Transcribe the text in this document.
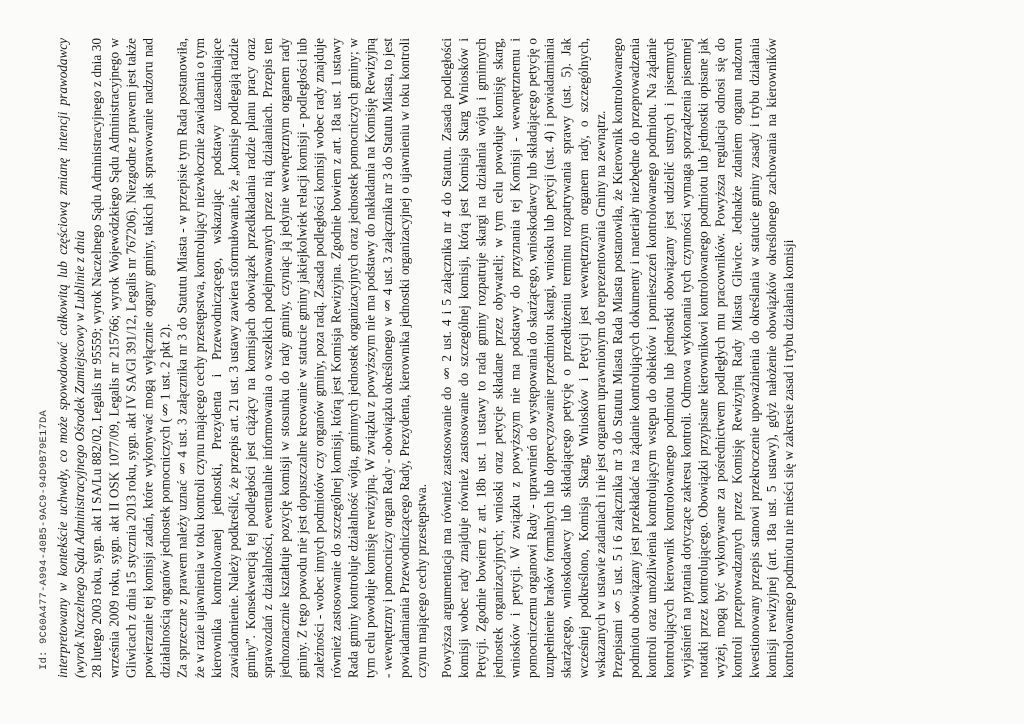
interpretowany w kontekście uchwały, co może spowodować całkowitą lub częściową zmianę intencji prawodawcy (wyrok Naczelnego Sądu Administracyjnego Ośrodek Zamiejscowy w Lublinie z dnia 28 lutego 2003 roku, sygn. akt I SA/Lu 882/02, Legalis nr 95559; wyrok Naczelnego Sądu Administracyjnego z dnia 30 września 2009 roku, sygn. akt II OSK 1077/09, Legalis nr 215766; wyrok Wojewódzkiego Sądu Administracyjnego w Gliwicach z dnia 15 stycznia 2013 roku, sygn. akt IV SA/Gl 391/12, Legalis nr 767206). Niezgodne z prawem jest także powierzanie tej komisji zadań, które wykonywać mogą wyłącznie organy gminy, takich jak sprawowanie nadzoru nad działalnością organów jednostek pomocniczych (§ 1 ust. 2 pkt 2). Za sprzeczne z prawem należy uznać § 4 ust. 3 załącznika nr 3 do Statutu Miasta - w przepisie tym Rada postanowiła, że w razie ujawnienia w toku kontroli czynu mającego cechy przestępstwa, kontrolujący niezwłocznie zawiadamia o tym kierownika kontrolowanej jednostki, Prezydenta i Przewodniczącego, wskazując podstawy uzasadniające zawiadomienie. Należy podkreślić, że przepis art. 21 ust. 3 ustawy zawiera sformułowanie, że „komisje podlegają radzie gminy”. Konsekwencją tej podległości jest ciążący na komisjach obowiązek przedkładania radzie planu pracy oraz sprawozdań z działalności, ewentualnie informowania o wszelkich podejmowanych przez nią działaniach. Przepis ten jednoznacznie kształtuje pozycję komisji w stosunku do rady gminy, czyniąc ją jedynie wewnętrznym organem rady gminy. Z tego powodu nie jest dopuszczalne kreowanie w statucie gminy jakiejkolwiek relacji komisji - podległości lub zależności - wobec innych podmiotów czy organów gminy, poza radą. Zasada podległości komisji wobec rady znajduje również zastosowanie do szczególnej komisji, którą jest Komisja Rewizyjna. Zgodnie bowiem z art. 18a ust. 1 ustawy Rada gminy kontroluje działalność wójta, gminnych jednostek organizacyjnych oraz jednostek pomocniczych gminy; w tym celu powołuje komisję rewizyjną. W związku z powyższym nie ma podstawy do nakładania na Komisję Rewizyjną - wewnętrzny i pomocniczy organ Rady - obowiązku określonego w § 4 ust. 3 załącznika nr 3 do Statutu Miasta, to jest powiadamiania Przewodniczącego Rady, Prezydenta, kierownika jednostki organizacyjnej o ujawnieniu w toku kontroli czynu mającego cechy przestępstwa. Powyższa argumentacja ma również zastosowanie do § 2 ust. 4 i 5 załącznika nr 4 do Statutu. Zasada podległości komisji wobec rady znajduje również zastosowanie do szczególnej komisji, którą jest Komisja Skarg Wniosków i Petycji. Zgodnie bowiem z art. 18b ust. 1 ustawy to rada gminy rozpatruje skargi na działania wójta i gminnych jednostek organizacyjnych; wnioski oraz petycje składane przez obywateli; w tym celu powołuje komisję skarg, wniosków i petycji. W związku z powyższym nie ma podstawy do przyznania tej Komisji - wewnętrznemu i pomocniczemu organowi Rady - uprawnień do występowania do skarżącego, wnioskodawcy lub składającego petycję o uzupełnienie braków formalnych lub doprecyzowanie przedmiotu skargi, wniosku lub petycji (ust. 4) i powiadamiania skarżącego, wnioskodawcy lub składającego petycję o przedłużeniu terminu rozpatrywania sprawy (ust. 5). Jak wcześniej podkreślono, Komisja Skarg, Wniosków i Petycji jest wewnętrznym organem rady, o szczególnych, wskazanych w ustawie zadaniach i nie jest organem uprawnionym do reprezentowania Gminy na zewnątrz. Przepisami § 5 ust. 5 i 6 załącznika nr 3 do Statutu Miasta Rada Miasta postanowiła, że Kierownik kontrolowanego podmiotu obowiązany jest przekładać na żądanie kontrolujących dokumenty i materiały niezbędne do przeprowadzenia kontroli oraz umożliwienia kontrolującym wstępu do obiektów i pomieszczeń kontrolowanego podmiotu. Na żądanie kontrolujących kierownik kontrolowanego podmiotu lub jednostki obowiązany jest udzielić ustnych i pisemnych wyjaśnień na pytania dotyczące zakresu kontroli. Odmowa wykonania tych czynności wymaga sporządzenia pisemnej notatki przez kontrolującego. Obowiązki przypisane kierownikowi kontrolowanego podmiotu lub jednostki opisane jak wyżej, mogą być wykonywane za pośrednictwem podległych mu pracowników. Powyższa regulacja odnosi się do kontroli przeprowadzanych przez Komisję Rewizyjną Rady Miasta Gliwice. Jednakże zdaniem organu nadzoru kwestionowany przepis stanowi przekroczenie upoważnienia do określania w statucie gminy zasady i trybu działania komisji rewizyjnej (art. 18a ust. 5 ustawy), gdyż nałożenie obowiązków określonego zachowania na kierowników kontrolowanego podmiotu nie mieści się w zakresie zasad i trybu działania komisji

Id: 9C60A477-A994-40B5-9AC9-94D9B79E17DA
